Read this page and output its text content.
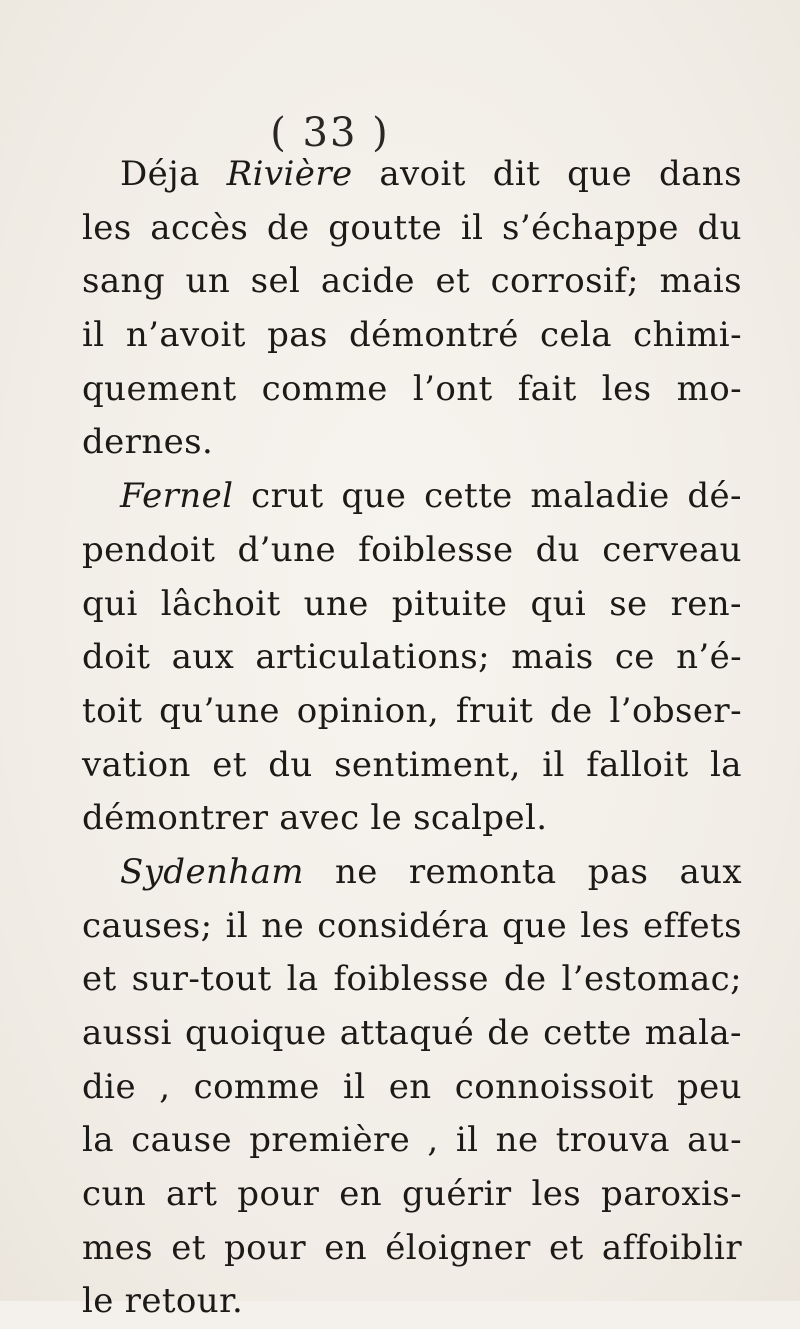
( 33 )
Déja Rivière avoit dit que dans
les accès de goutte il s’échappe du
sang un sel acide et corrosif; mais
il n’avoit pas démontré cela chimi-
quement comme l’ont fait les mo-
dernes.
Fernel crut que cette maladie dé-
pendoit d’une foiblesse du cerveau
qui lâchoit une pituite qui se ren-
doit aux articulations; mais ce n’é-
toit qu’une opinion, fruit de l’obser-
vation et du sentiment, il falloit la
démontrer avec le scalpel.
Sydenham ne remonta pas aux
causes; il ne considéra que les effets
et sur-tout la foiblesse de l’estomac;
aussi quoique attaqué de cette mala-
die , comme il en connoissoit peu
la cause première , il ne trouva au-
cun art pour en guérir les paroxis-
mes et pour en éloigner et affoiblir
le retour.
